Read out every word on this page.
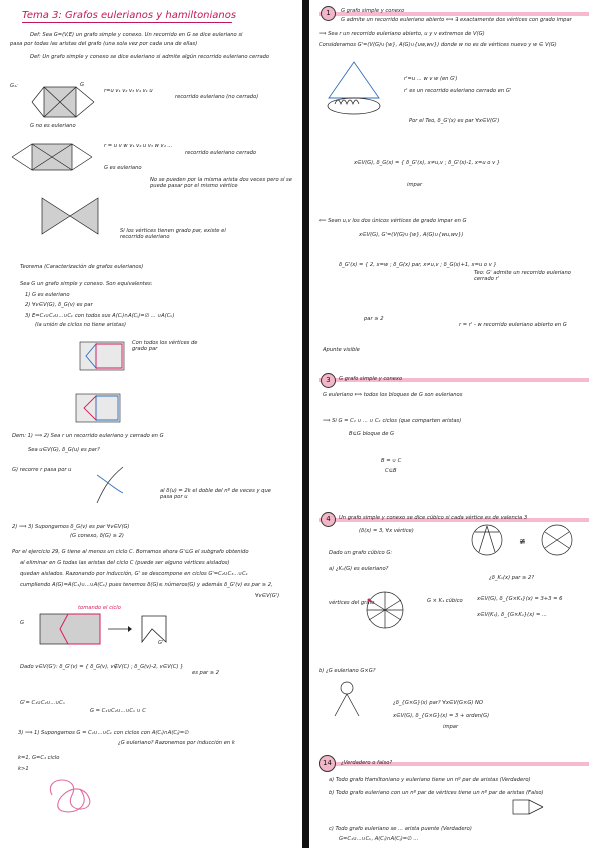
Tema 3: Grafos eulerianos y hamiltonianos
Def: Sea G=(V,E) un grafo simple y conexo. Un recorrido en G se dice euleriano si
pasa por todas las aristas del grafo (una sola vez por cada una de ellas)
Def: Un grafo simple y conexo se dice euleriano si admite algún recorrido euleriano cerrado
G₁:	G
r=u v₁ v₂ v₃ v₄ v₁ u
recorrido euleriano (no cerrado)
G no es euleriano
r = u v w v₁ v₂ u v₃ w v₄ ...
recorrido euleriano cerrado
G es euleriano
No se pueden por la misma arista dos veces pero sí se puede pasar por el mismo vértice
Si los vértices tienen grado par, existe el recorrido euleriano
Teorema (Caracterización de grafos eulerianos)
Sea G un grafo simple y conexo. Son equivalentes:
1) G es euleriano
2) ∀v∈V(G), δ_G(v) es par
3) E=C₁∪C₂∪...∪Cₖ con todos sus A(Cᵢ)∩A(Cⱼ)=∅ ... ∪A(Cₖ)
(la unión de ciclos no tiene aristas)
Con todos los vértices de grado par
Dem: 1) ⟹ 2) Sea r un recorrido euleriano y cerrado en G
Sea u∈V(G), δ_G(u) es par?
G) recorre r pasa por u
al δ(u) = 2k el doble del nº de veces y que pasa por u
2) ⟹ 3) Supongamos δ_G(v) es par ∀v∈V(G)
(G conexo, δ(G) ≥ 2)
Por el ejercicio 29, G tiene al menos un ciclo C. Borramos ahora G'⊆G el subgrafo obtenido
al eliminar en G todas las aristas del ciclo C (puede ser alguno vértices aislados)
quedan aislados. Razonando por inducción, G' se descompone en ciclos G'=C₂∪C₃...∪Cₖ
cumpliendo A(G)=A(C₁)∪...∪A(Cₖ) pues tenemos δ(G)≤ números(G) y además δ_G'(v) es par ≥ 2,
∀v∈V(G')
G
G'
tomando el ciclo
Dado v∈V(G'): δ_G'(v) = { δ_G(v), v∉V(C) ; δ_G(v)-2, v∈V(C) }
es par ≥ 2
G'= C₁∪C₂∪...∪Cₙ
G = C₁∪C₂∪...∪Cₙ ∪ C
3) ⟹ 1) Supongamos G = C₁∪...∪Cₖ con ciclos con A(Cᵢ)∩A(Cⱼ)=∅
¿G euleriano? Razonemos por inducción en k
k=1, G=C₁ ciclo
k>1
1	G grafo simple y conexo
G admite un recorrido euleriano abierto ⟺ ∃ exactamente dos vértices con grado impar
⟹ Sea r un recorrido euleriano abierto, u y v extremos de V(G)
Consideramos G'=(V(G)∪{w}, A(G)∪{uw,wv}) donde w no es de vértices nuevo y w ∈ V(G)
r'=u ... w v w (en G')
r' es un recorrido euleriano cerrado en G'
Por el Teo, δ_G'(x) es par ∀x∈V(G')
x∈V(G), δ_G(x) = { δ_G'(x), x≠u,v ; δ_G'(x)-1, x=u o v }
impar
⟸ Sean u,v los dos únicos vértices de grado impar en G
x∈V(G), G'=(V(G)∪{w}, A(G)∪{wu,wv})
δ_G'(x) = { 2, x=w ; δ_G(x) par, x≠u,v ; δ_G(x)+1, x=u o v }
Teo: G' admite un recorrido euleriano cerrado r'
par ≥ 2
r = r' - w recorrido euleriano abierto en G
Apunte visible
3	G grafo simple y conexo
G euleriano ⟺ todos los bloques de G son eulerianos
⟹ Si G = C₁ ∪ ... ∪ Cₖ ciclos (que comparten aristas)
B⊆G bloque de G
B = ∪ C
C⊆B
4	Un grafo simple y conexo se dice cúbico si cada vértice es de valencia 3
(δ(x) = 3, ∀x vértice)
≇
Dado un grafo cúbico G:
a) ¿Kₙ(G) es euleriano?
¿δ_Kₙ(x) par ≥ 2?
vértices del grafo	G × K₁ cúbico	x∈V(G), δ_{G×K₁}(x) = 3+3 = 6
x∈V(K₁), δ_{G×K₁}(x) = ...
b) ¿G euleriano G×G?
¿δ_{G×G}(x) par? ∀x∈V(G×G) NO
x∈V(G), δ_{G×G}(x) = 3 + orden(G)
impar
14	¿Verdadero o falso?
a) Todo grafo Hamiltoniano y euleriano tiene un nº par de aristas (Verdadero)
b) Todo grafo euleriano con un nº par de vértices tiene un nº par de aristas (Falso)
c) Todo grafo euleriano se ... arista puente (Verdadero)
G=C₁∪...∪Cₖ, A(Cᵢ)∩A(Cⱼ)=∅ ...
